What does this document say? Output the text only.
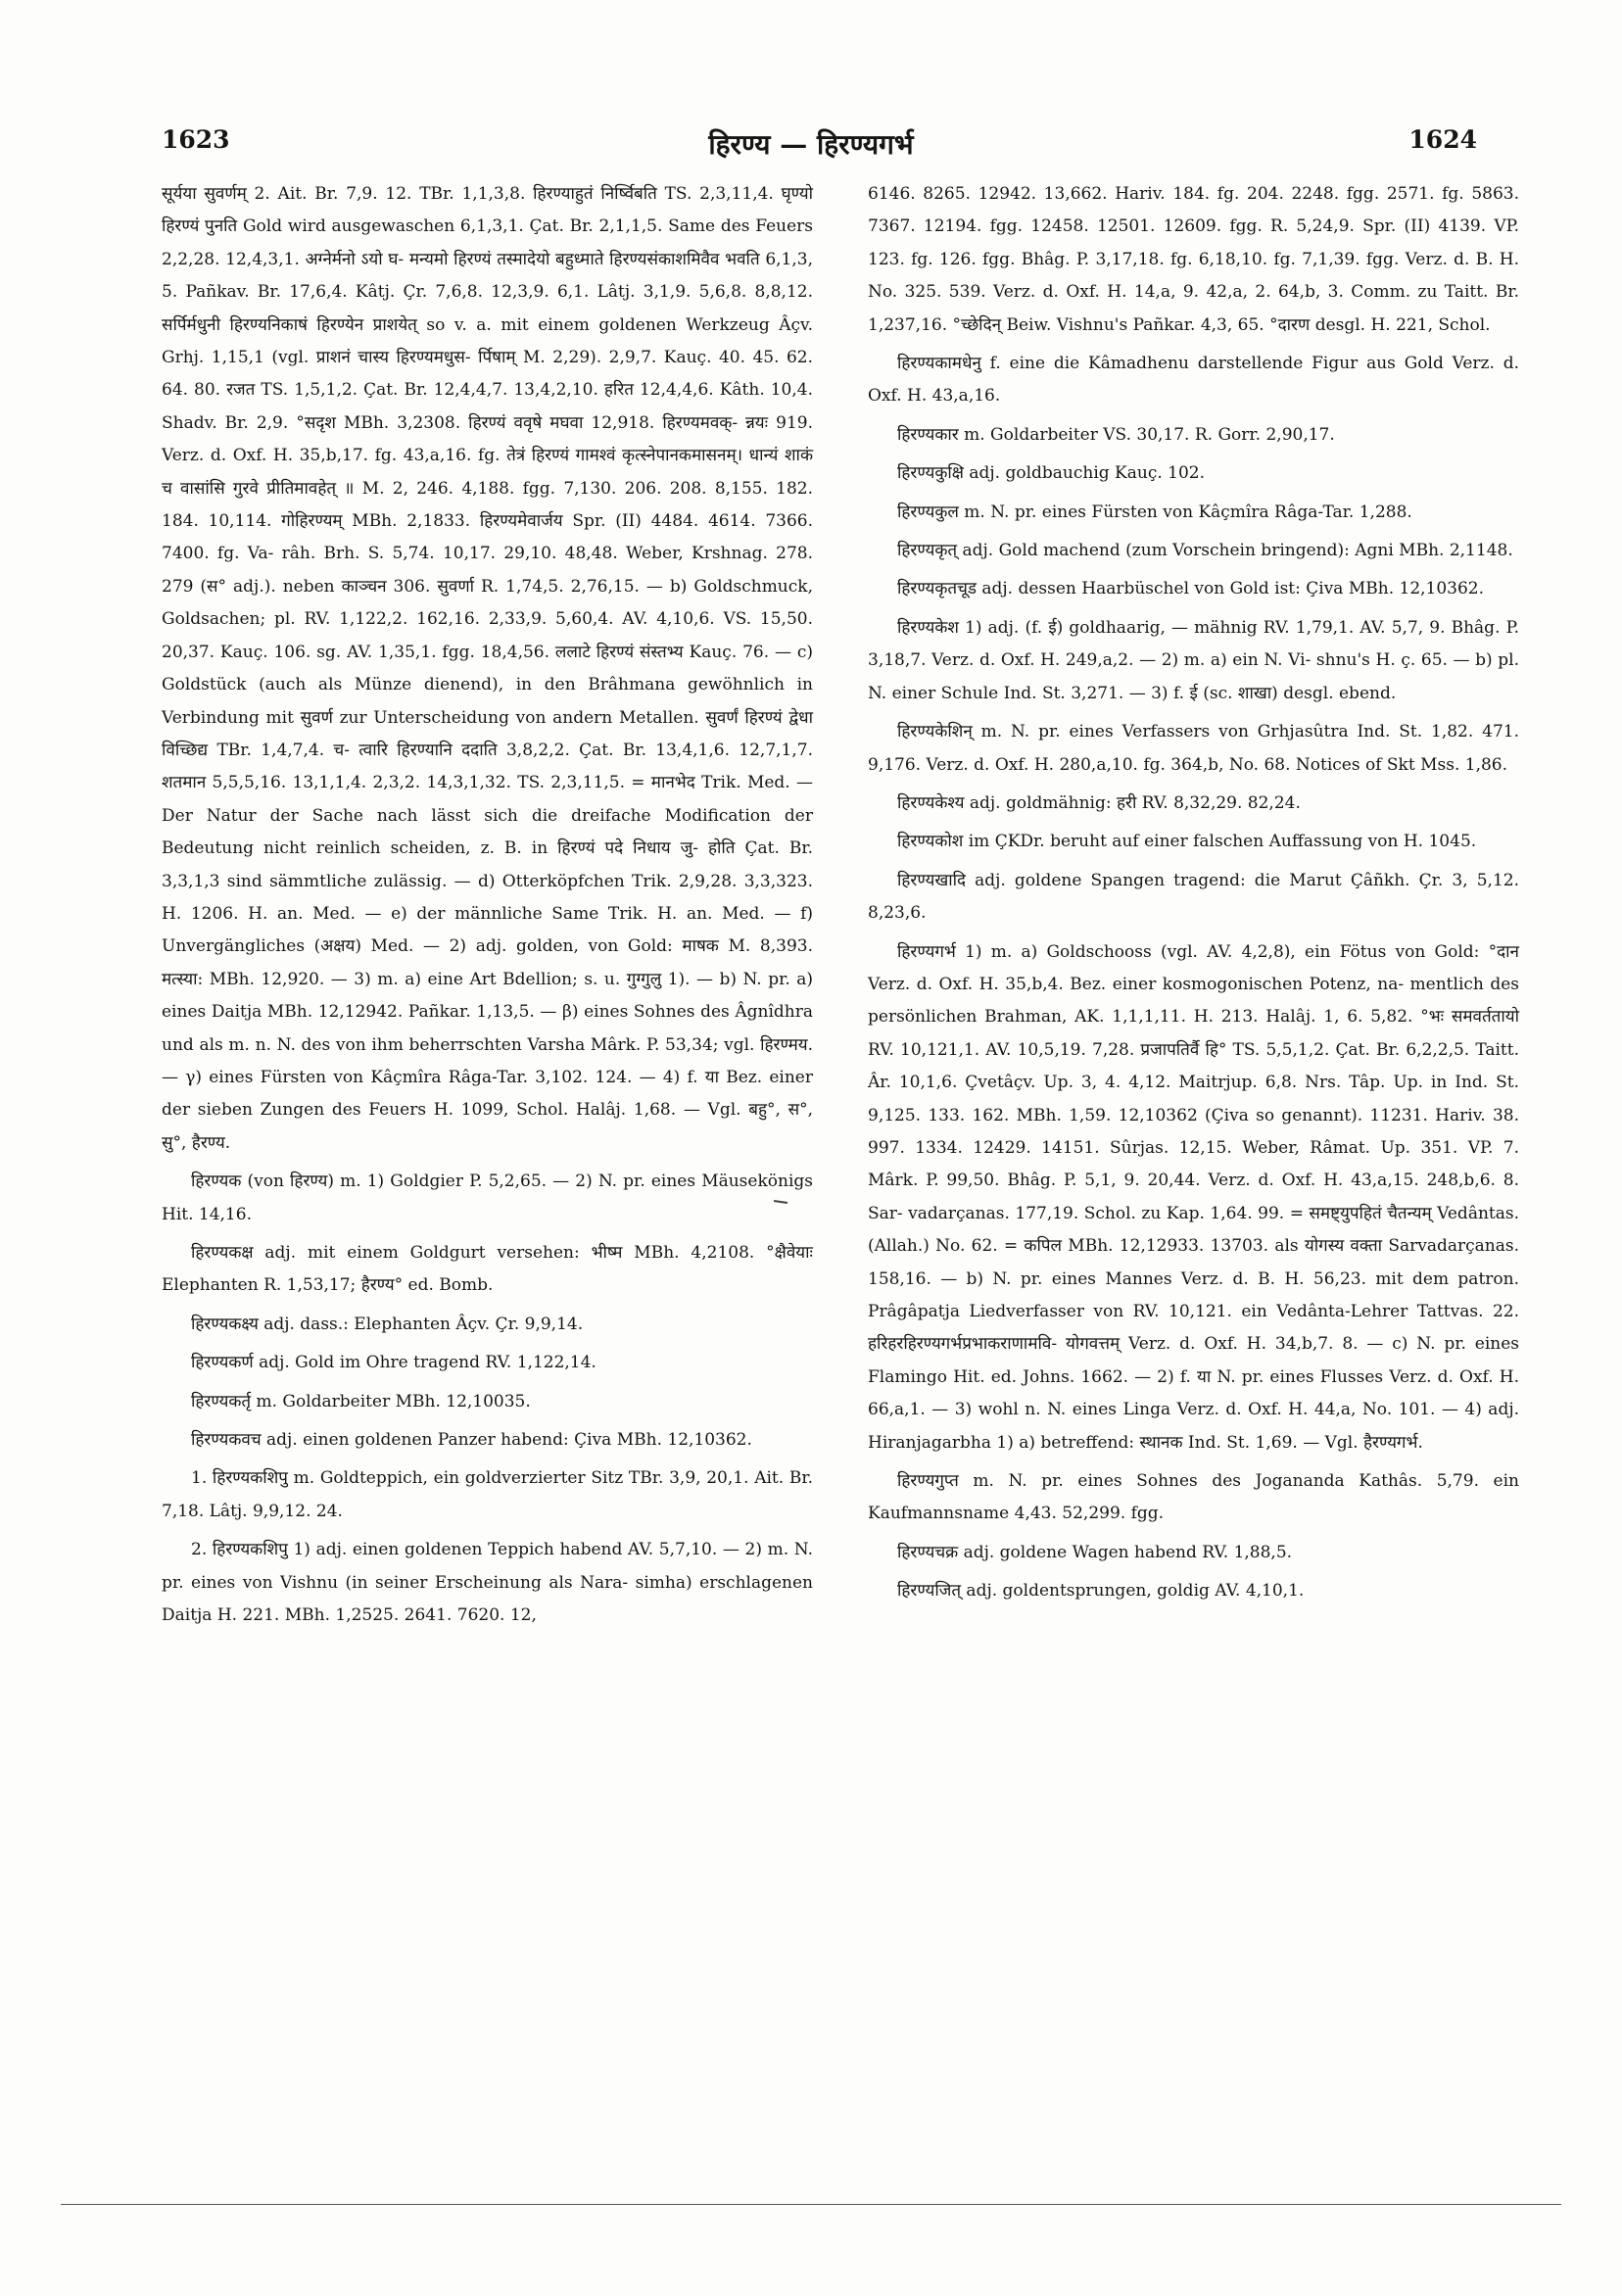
1623	हिरण्य — हिरण्यगर्भ	1624

सूर्यया सुवर्णम् 2. Ait. Br. 7,9. 12. TBr. 1,1,3,8. हिरण्याहुतं निर्ष्विबति TS. 2,3,11,4. घृण्यो हिरण्यं पुनति Gold wird ausgewaschen 6,1,3,1. Çat. Br. 2,1,1,5. Same des Feuers 2,2,28. 12,4,3,1. अग्नेर्मनो ऽयो घ- मन्यमो हिरण्यं तस्मादेयो बहुध्माते हिरण्यसंकाशमिवैव भवति 6,1,3, 5. Pañkav. Br. 17,6,4. Kâtj. Çr. 7,6,8. 12,3,9. 6,1. Lâtj. 3,1,9. 5,6,8. 8,8,12. सर्पिर्मधुनी हिरण्यनिकाषं हिरण्येन प्राशयेत् so v. a. mit einem goldenen Werkzeug Âçv. Grhj. 1,15,1 (vgl. प्राशनं चास्य हिरण्यमधुस- र्पिषाम् M. 2,29). 2,9,7. Kauç. 40. 45. 62. 64. 80. रजत TS. 1,5,1,2. Çat. Br. 12,4,4,7. 13,4,2,10. हरित 12,4,4,6. Kâth. 10,4. Shadv. Br. 2,9. °सदृश MBh. 3,2308. हिरण्यं ववृषे मघवा 12,918. हिरण्यमवक्- न्नयः 919. Verz. d. Oxf. H. 35,b,17. fg. 43,a,16. fg. तेत्रं हिरण्यं गामश्वं कृत्स्नेपानकमासनम्। धान्यं शाकं च वासांसि गुरवे प्रीतिमावहेत् ॥ M. 2, 246. 4,188. fgg. 7,130. 206. 208. 8,155. 182. 184. 10,114. गोहिरण्यम् MBh. 2,1833. हिरण्यमेवार्जय Spr. (II) 4484. 4614. 7366. 7400. fg. Va- râh. Brh. S. 5,74. 10,17. 29,10. 48,48. Weber, Krshnag. 278. 279 (स° adj.). neben काञ्चन 306. सुवर्णा R. 1,74,5. 2,76,15. — b) Goldschmuck, Goldsachen; pl. RV. 1,122,2. 162,16. 2,33,9. 5,60,4. AV. 4,10,6. VS. 15,50. 20,37. Kauç. 106. sg. AV. 1,35,1. fgg. 18,4,56. ललाटे हिरण्यं संस्तभ्य Kauç. 76. — c) Goldstück (auch als Münze dienend), in den Brâhmana gewöhnlich in Verbindung mit सुवर्ण zur Unterscheidung von andern Metallen. सुवर्णं हिरण्यं द्वेधा विच्छिद्य TBr. 1,4,7,4. च- त्वारि हिरण्यानि ददाति 3,8,2,2. Çat. Br. 13,4,1,6. 12,7,1,7. शतमान 5,5,5,16. 13,1,1,4. 2,3,2. 14,3,1,32. TS. 2,3,11,5. = मानभेद Trik. Med. — Der Natur der Sache nach lässt sich die dreifache Modification der Bedeutung nicht reinlich scheiden, z. B. in हिरण्यं पदे निधाय जु- होति Çat. Br. 3,3,1,3 sind sämmtliche zulässig. — d) Otterköpfchen Trik. 2,9,28. 3,3,323. H. 1206. H. an. Med. — e) der männliche Same Trik. H. an. Med. — f) Unvergängliches (अक्षय) Med. — 2) adj. golden, von Gold: माषक M. 8,393. मत्स्या: MBh. 12,920. — 3) m. a) eine Art Bdellion; s. u. गुग्गुलु 1). — b) N. pr. a) eines Daitja MBh. 12,12942. Pañkar. 1,13,5. — β) eines Sohnes des Âgnîdhra und als m. n. N. des von ihm beherrschten Varsha Mârk. P. 53,34; vgl. हिरण्मय. — γ) eines Fürsten von Kâçmîra Râga-Tar. 3,102. 124. — 4) f. या Bez. einer der sieben Zungen des Feuers H. 1099, Schol. Halâj. 1,68. — Vgl. बहु°, स°, सु°, हैरण्य.

हिरण्यक (von हिरण्य) m. 1) Goldgier P. 5,2,65. — 2) N. pr. eines Mäusekönigs Hit. 14,16.

हिरण्यकक्ष adj. mit einem Goldgurt versehen: भीष्म MBh. 4,2108. °क्षैवेयाः Elephanten R. 1,53,17; हैरण्य° ed. Bomb.

हिरण्यकक्ष्य adj. dass.: Elephanten Âçv. Çr. 9,9,14.

हिरण्यकर्ण adj. Gold im Ohre tragend RV. 1,122,14.

हिरण्यकर्तृ m. Goldarbeiter MBh. 12,10035.

हिरण्यकवच adj. einen goldenen Panzer habend: Çiva MBh. 12,10362.

1. हिरण्यकशिपु m. Goldteppich, ein goldverzierter Sitz TBr. 3,9, 20,1. Ait. Br. 7,18. Lâtj. 9,9,12. 24.

2. हिरण्यकशिपु 1) adj. einen goldenen Teppich habend AV. 5,7,10. — 2) m. N. pr. eines von Vishnu (in seiner Erscheinung als Nara- simha) erschlagenen Daitja H. 221. MBh. 1,2525. 2641. 7620. 12,

6146. 8265. 12942. 13,662. Hariv. 184. fg. 204. 2248. fgg. 2571. fg. 5863. 7367. 12194. fgg. 12458. 12501. 12609. fgg. R. 5,24,9. Spr. (II) 4139. VP. 123. fg. 126. fgg. Bhâg. P. 3,17,18. fg. 6,18,10. fg. 7,1,39. fgg. Verz. d. B. H. No. 325. 539. Verz. d. Oxf. H. 14,a, 9. 42,a, 2. 64,b, 3. Comm. zu Taitt. Br. 1,237,16. °च्छेदिन् Beiw. Vishnu's Pañkar. 4,3, 65. °दारण desgl. H. 221, Schol.

हिरण्यकामधेनु f. eine die Kâmadhenu darstellende Figur aus Gold Verz. d. Oxf. H. 43,a,16.

हिरण्यकार m. Goldarbeiter VS. 30,17. R. Gorr. 2,90,17.

हिरण्यकुक्षि adj. goldbauchig Kauç. 102.

हिरण्यकुल m. N. pr. eines Fürsten von Kâçmîra Râga-Tar. 1,288.

हिरण्यकृत् adj. Gold machend (zum Vorschein bringend): Agni MBh. 2,1148.

हिरण्यकृतचूड adj. dessen Haarbüschel von Gold ist: Çiva MBh. 12,10362.

हिरण्यकेश 1) adj. (f. ई) goldhaarig, — mähnig RV. 1,79,1. AV. 5,7, 9. Bhâg. P. 3,18,7. Verz. d. Oxf. H. 249,a,2. — 2) m. a) ein N. Vi- shnu's H. ç. 65. — b) pl. N. einer Schule Ind. St. 3,271. — 3) f. ई (sc. शाखा) desgl. ebend.

हिरण्यकेशिन् m. N. pr. eines Verfassers von Grhjasûtra Ind. St. 1,82. 471. 9,176. Verz. d. Oxf. H. 280,a,10. fg. 364,b, No. 68. Notices of Skt Mss. 1,86.

हिरण्यकेश्य adj. goldmähnig: हरी RV. 8,32,29. 82,24.

हिरण्यकोश im ÇKDr. beruht auf einer falschen Auffassung von H. 1045.

हिरण्यखादि adj. goldene Spangen tragend: die Marut Çâñkh. Çr. 3, 5,12. 8,23,6.

हिरण्यगर्भ 1) m. a) Goldschooss (vgl. AV. 4,2,8), ein Fötus von Gold: °दान Verz. d. Oxf. H. 35,b,4. Bez. einer kosmogonischen Potenz, na- mentlich des persönlichen Brahman, AK. 1,1,1,11. H. 213. Halâj. 1, 6. 5,82. °भः समवर्ततायो RV. 10,121,1. AV. 10,5,19. 7,28. प्रजापतिर्वै हि° TS. 5,5,1,2. Çat. Br. 6,2,2,5. Taitt. Âr. 10,1,6. Çvetâçv. Up. 3, 4. 4,12. Maitrjup. 6,8. Nrs. Tâp. Up. in Ind. St. 9,125. 133. 162. MBh. 1,59. 12,10362 (Çiva so genannt). 11231. Hariv. 38. 997. 1334. 12429. 14151. Sûrjas. 12,15. Weber, Râmat. Up. 351. VP. 7. Mârk. P. 99,50. Bhâg. P. 5,1, 9. 20,44. Verz. d. Oxf. H. 43,a,15. 248,b,6. 8. Sar- vadarçanas. 177,19. Schol. zu Kap. 1,64. 99. = समष्ट्युपहितं चैतन्यम् Vedântas. (Allah.) No. 62. = कपिल MBh. 12,12933. 13703. als योगस्य वक्ता Sarvadarçanas. 158,16. — b) N. pr. eines Mannes Verz. d. B. H. 56,23. mit dem patron. Prâgâpatja Liedverfasser von RV. 10,121. ein Vedânta-Lehrer Tattvas. 22. हरिहरहिरण्यगर्भप्रभाकराणामवि- योगवत्तम् Verz. d. Oxf. H. 34,b,7. 8. — c) N. pr. eines Flamingo Hit. ed. Johns. 1662. — 2) f. या N. pr. eines Flusses Verz. d. Oxf. H. 66,a,1. — 3) wohl n. N. eines Linga Verz. d. Oxf. H. 44,a, No. 101. — 4) adj. Hiranjagarbha 1) a) betreffend: स्थानक Ind. St. 1,69. — Vgl. हैरण्यगर्भ.

हिरण्यगुप्त m. N. pr. eines Sohnes des Jogananda Kathâs. 5,79. ein Kaufmannsname 4,43. 52,299. fgg.

हिरण्यचक्र adj. goldene Wagen habend RV. 1,88,5.

हिरण्यजित् adj. goldentsprungen, goldig AV. 4,10,1.
